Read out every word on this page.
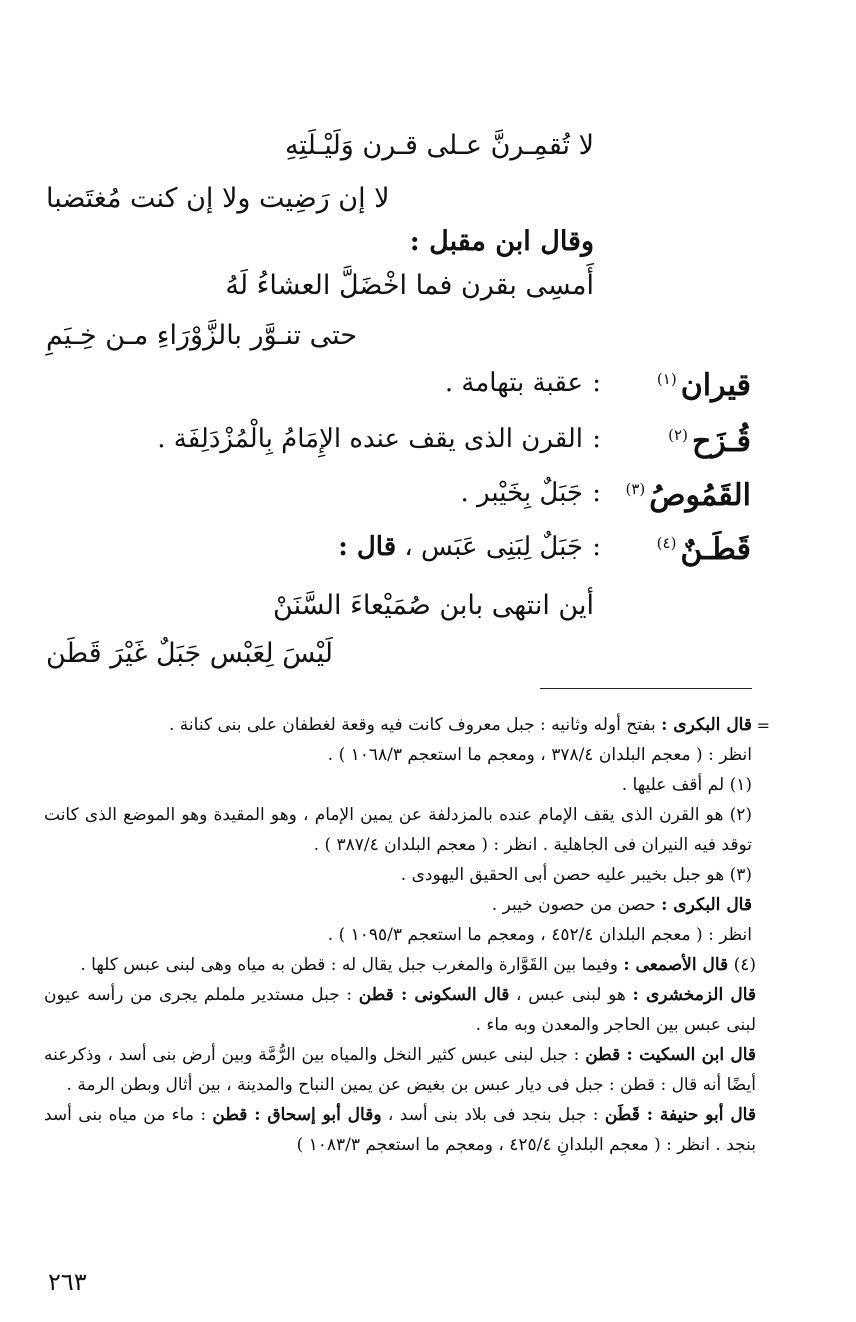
لا تُقمِـرنَّ عـلى قـرن وَلَيْـلَتِهِ
لا إن رَضِيت ولا إن كنت مُغتَضبا
وقال ابن مقبل :
أَمسِى بقرن فما اخْضَلَّ العشاءُ لَهُ
حتى تنـوَّر بالزَّوْرَاءِ مـن خِـيَمِ
قيران$^{(١)}$
:
عقبة بتهامة .
قُـزَح$^{(٢)}$
:
القرن الذى يقف عنده الإِمَامُ بِالْمُزْدَلِفَة .
القَمُوصُ$^{(٣)}$
:
جَبَلٌ بِخَيْبر .
قَطَـنٌ$^{(٤)}$
:
جَبَلٌ لِبَنِى عَبَس ، قال :
أين انتهى بابن صُمَيْعاءَ السَّنَنْ
لَيْسَ لِعَبْس جَبَلٌ غَيْرَ قَطَن
=

قال البكرى : بفتح أوله وثانيه : جبل معروف كانت فيه وقعة لغطفان على بنى كنانة .

انظر : ( معجم البلدان ٣٧٨/٤ ، ومعجم ما استعجم ١٠٦٨/٣ ) .

(١) لم أقف عليها .

(٢) هو القرن الذى يقف الإمام عنده بالمزدلفة عن يمين الإمام ، وهو المقيدة وهو الموضع الذى كانت توقد فيه النيران فى الجاهلية . انظر : ( معجم البلدان ٣٨٧/٤ ) .

(٣) هو جبل بخيبر عليه حصن أبى الحقيق اليهودى .

قال البكرى : حصن من حصون خيبر .

انظر : ( معجم البلدان ٤٥٢/٤ ، ومعجم ما استعجم ١٠٩٥/٣ ) .

(٤) قال الأصمعى : وفيما بين القَوَّارة والمغرب جبل يقال له : قطن به مياه وهى لبنى عبس كلها .

قال الزمخشرى : هو لبنى عبس ، قال السكونى : قطن : جبل مستدير ململم يجرى من رأسه عيون لبنى عبس بين الحاجر والمعدن وبه ماء .

قال ابن السكيت : قطن : جبل لبنى عبس كثير النخل والمياه بين الرُّمَّة وبين أرض بنى أسد ، وذكرعنه أيضًا أنه قال : قطن : جبل فى ديار عبس بن بغيض عن يمين النباح والمدينة ، بين أثال وبطن الرمة .

قال أبو حنيفة : قَطَن : جبل بنجد فى بلاد بنى أسد ، وقال أبو إسحاق : قطن : ماء من مياه بنى أسد بنجد . انظر : ( معجم البلدانِ ٤٢٥/٤ ، ومعجم ما استعجم ١٠٨٣/٣ )

٢٦٣
